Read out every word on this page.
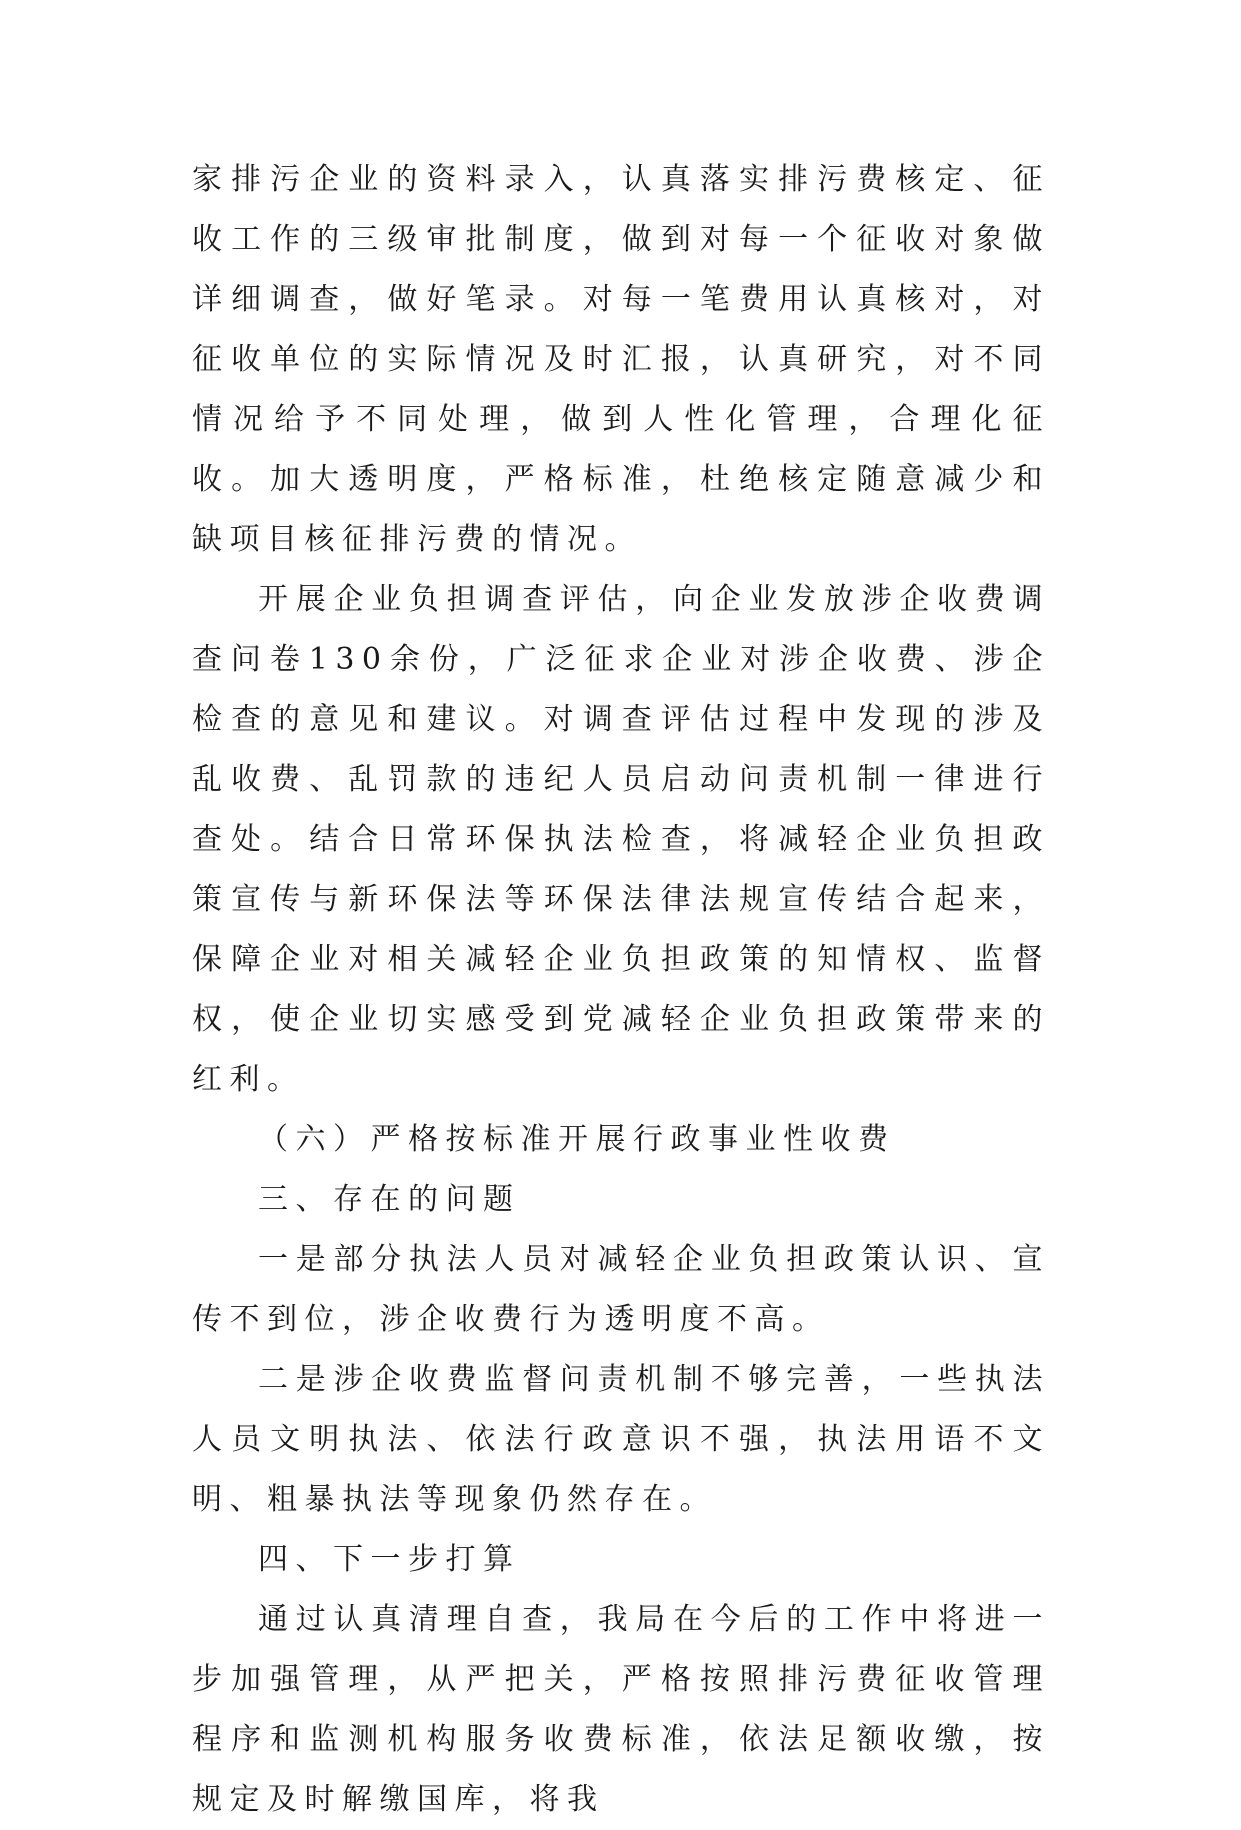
家排污企业的资料录入，认真落实排污费核定、征收工作的三级审批制度，做到对每一个征收对象做详细调查，做好笔录。对每一笔费用认真核对，对征收单位的实际情况及时汇报，认真研究，对不同情况给予不同处理，做到人性化管理，合理化征收。加大透明度，严格标准，杜绝核定随意减少和缺项目核征排污费的情况。

开展企业负担调查评估，向企业发放涉企收费调查问卷130余份，广泛征求企业对涉企收费、涉企检查的意见和建议。对调查评估过程中发现的涉及乱收费、乱罚款的违纪人员启动问责机制一律进行查处。结合日常环保执法检查，将减轻企业负担政策宣传与新环保法等环保法律法规宣传结合起来，保障企业对相关减轻企业负担政策的知情权、监督权，使企业切实感受到党减轻企业负担政策带来的红利。

（六）严格按标准开展行政事业性收费

三、存在的问题

一是部分执法人员对减轻企业负担政策认识、宣传不到位，涉企收费行为透明度不高。

二是涉企收费监督问责机制不够完善，一些执法人员文明执法、依法行政意识不强，执法用语不文明、粗暴执法等现象仍然存在。

四、下一步打算

通过认真清理自查，我局在今后的工作中将进一步加强管理，从严把关，严格按照排污费征收管理程序和监测机构服务收费标准，依法足额收缴，按规定及时解缴国库，将我
